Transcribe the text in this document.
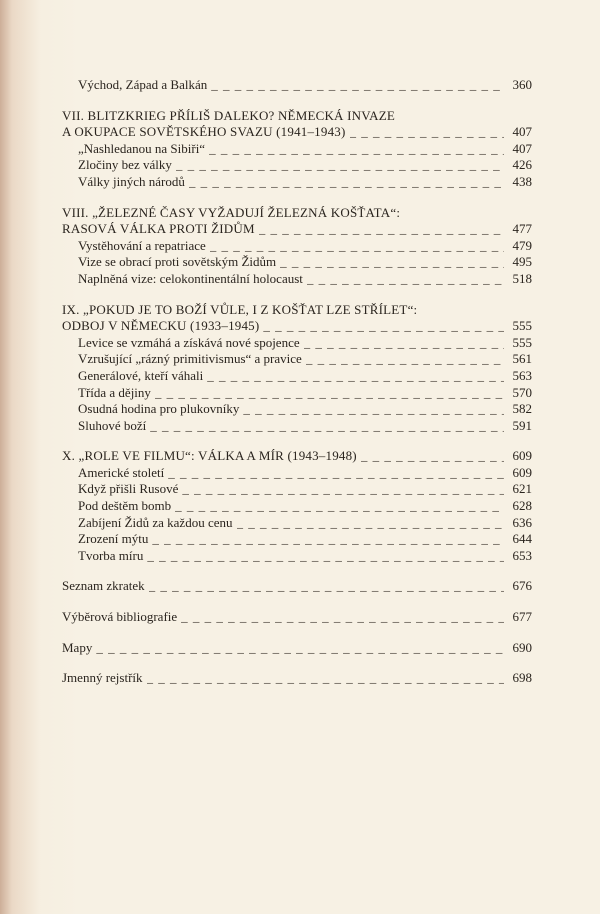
Východ, Západ a Balkán _ _ _	360
VII. BLITZKRIEG PŘÍLIŠ DALEKO? NĚMECKÁ INVAZE
A OKUPACE SOVĚTSKÉHO SVAZU (1941–1943) _ _ _	407
„Nashledanou na Sibiři“ _ _ _	407
Zločiny bez války _ _ _	426
Války jiných národů _ _ _	438
VIII. „ŽELEZNÉ ČASY VYŽADUJÍ ŽELEZNÁ KOŠŤATA“:
RASOVÁ VÁLKA PROTI ŽIDŮM _ _ _	477
Vystěhování a repatriace _ _ _	479
Vize se obrací proti sovětským Židům _ _ _	495
Naplněná vize: celokontinentální holocaust _ _ _	518
IX. „POKUD JE TO BOŽÍ VŮLE, I Z KOŠŤAT LZE STŘÍLET“:
ODBOJ V NĚMECKU (1933–1945) _ _ _	555
Levice se vzmáhá a získává nové spojence _ _ _	555
Vzrušující „rázný primitivismus“ a pravice _ _ _	561
Generálové, kteří váhali _ _ _	563
Třída a dějiny _ _ _	570
Osudná hodina pro plukovníky _ _ _	582
Sluhové boží _ _ _	591
X. „ROLE VE FILMU“: VÁLKA A MÍR (1943–1948) _ _ _	609
Americké století _ _ _	609
Když přišli Rusové _ _ _	621
Pod deštěm bomb _ _ _	628
Zabíjení Židů za každou cenu _ _ _	636
Zrození mýtu _ _ _	644
Tvorba míru _ _ _	653
Seznam zkratek _ _ _	676
Výběrová bibliografie _ _ _	677
Mapy _ _ _	690
Jmenný rejstřík _ _ _	698
